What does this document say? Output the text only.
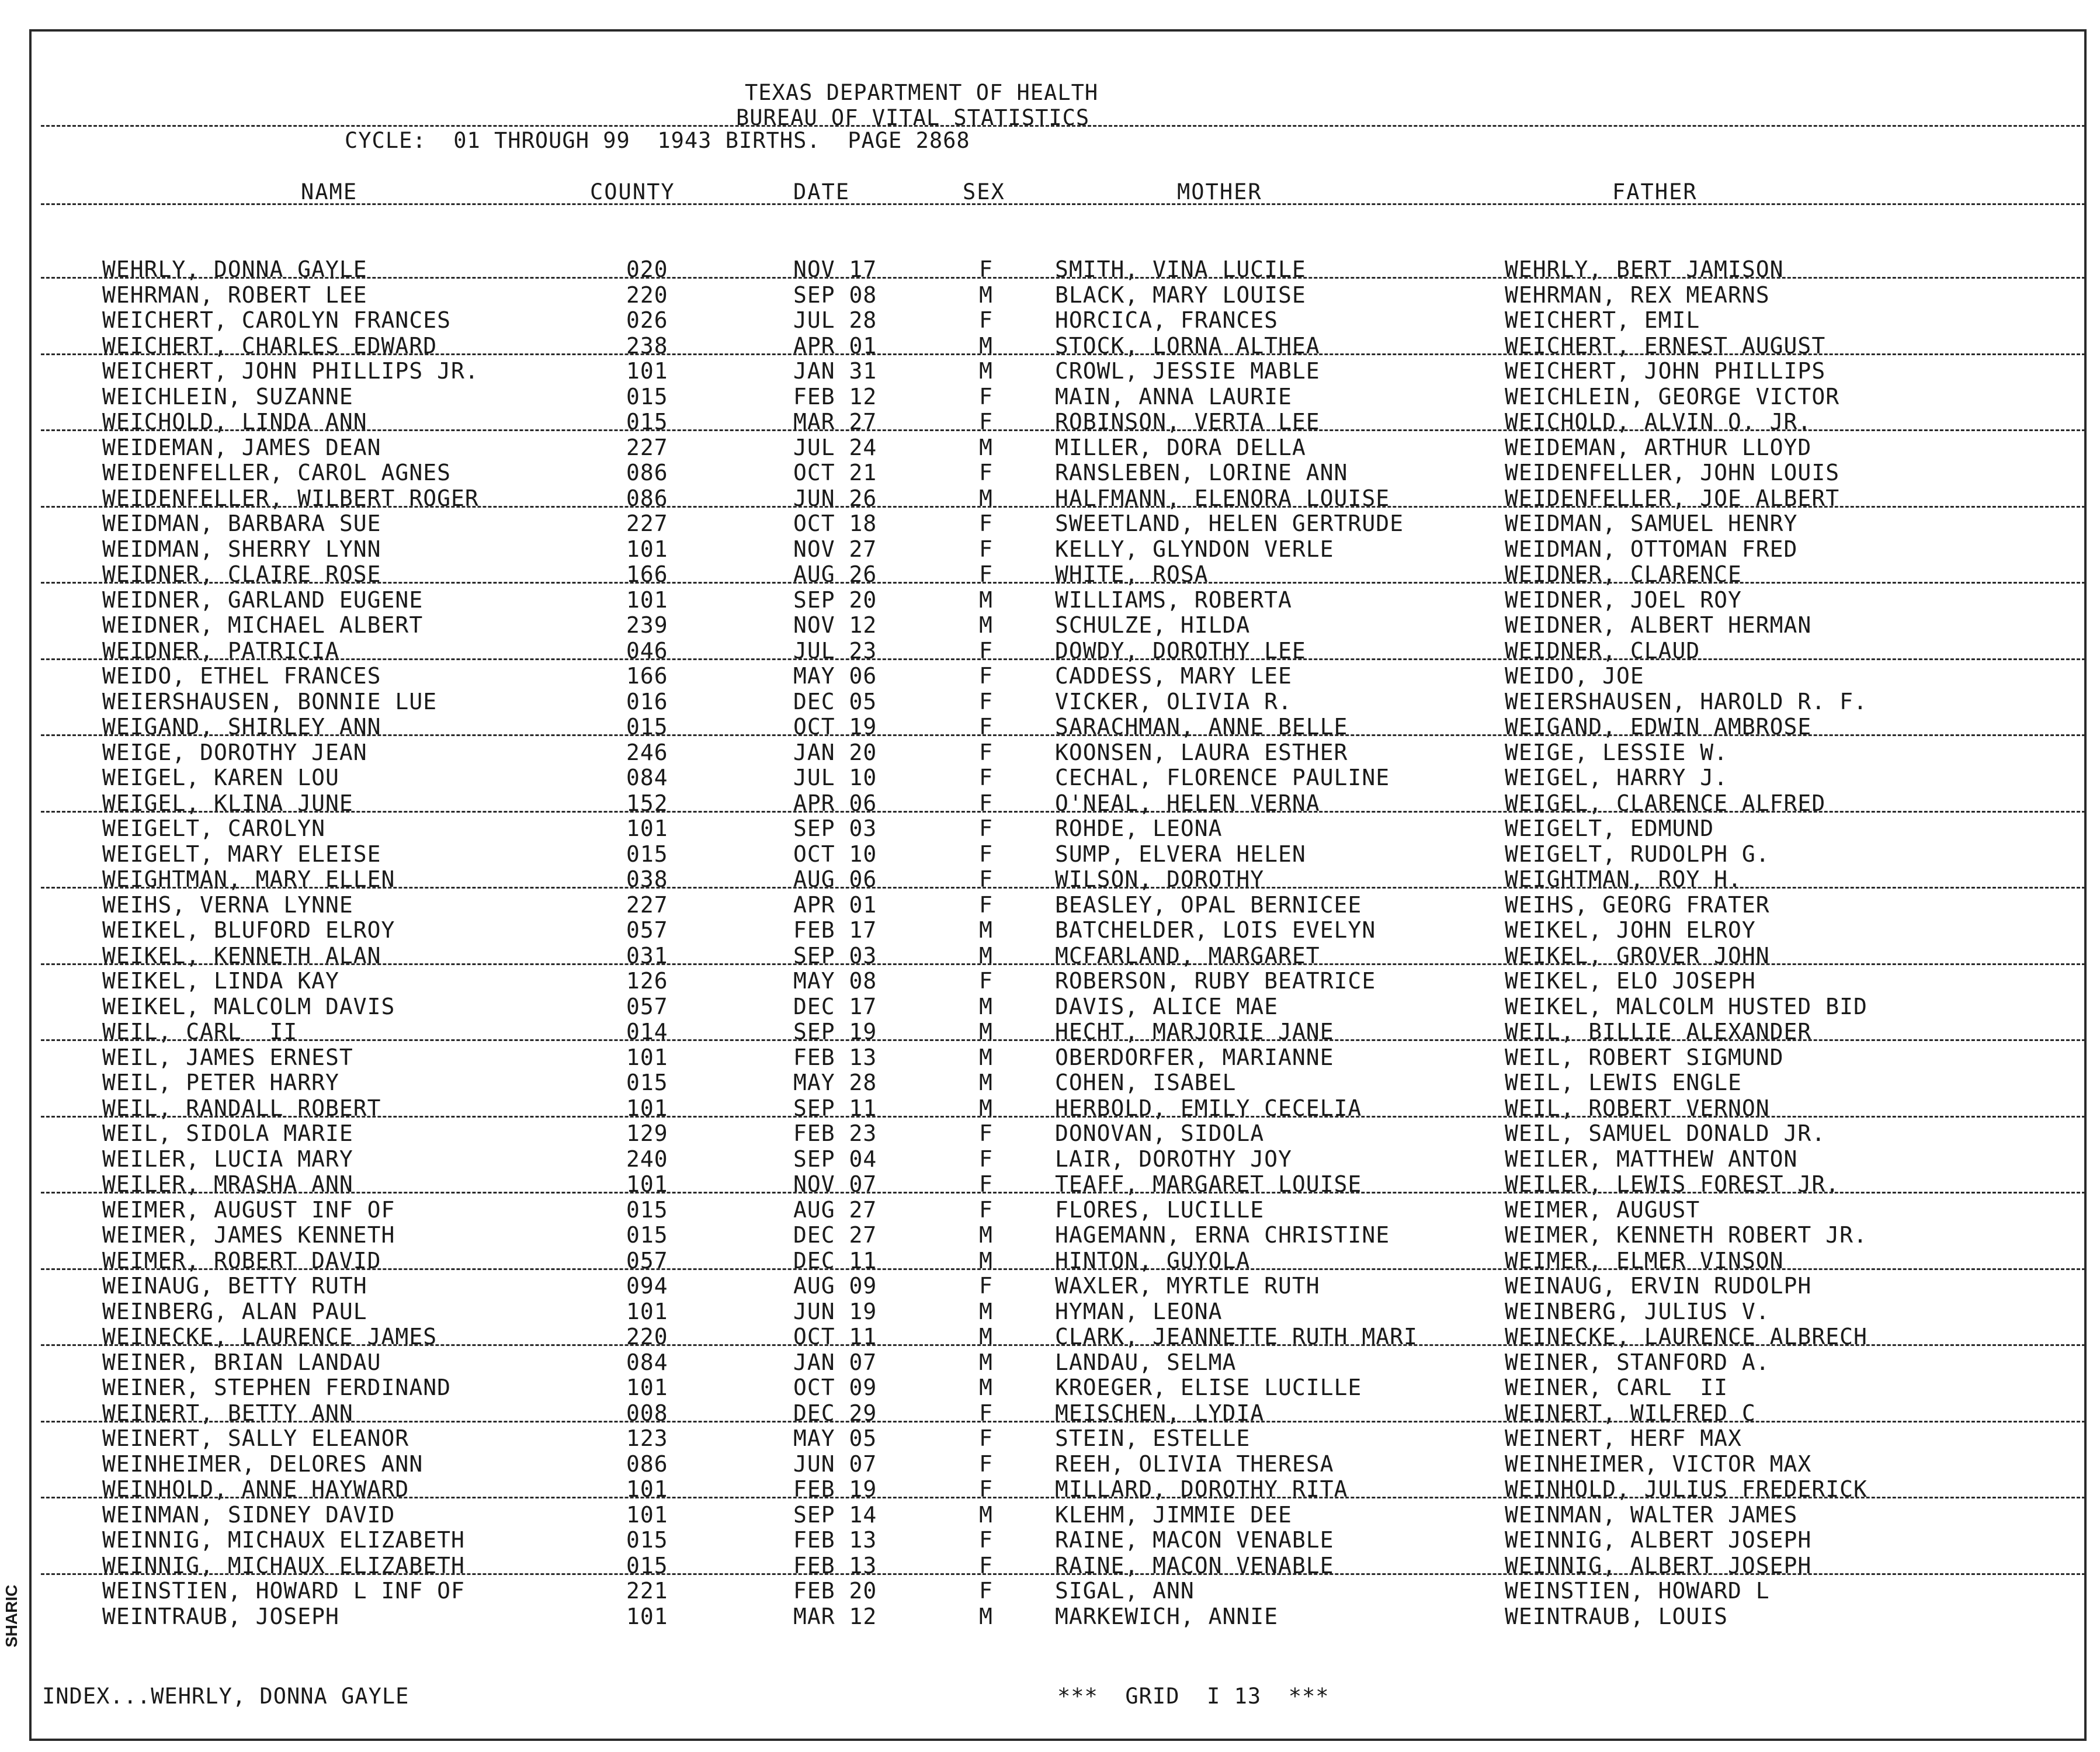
TEXAS DEPARTMENT OF HEALTH
BUREAU OF VITAL STATISTICS
CYCLE:  01 THROUGH 99  1943 BIRTHS.  PAGE 2868
NAME	COUNTY	DATE	SEX	MOTHER	FATHER
WEHRLY, DONNA GAYLE	020	NOV 17	F	SMITH, VINA LUCILE	WEHRLY, BERT JAMISON
WEHRMAN, ROBERT LEE	220	SEP 08	M	BLACK, MARY LOUISE	WEHRMAN, REX MEARNS
WEICHERT, CAROLYN FRANCES	026	JUL 28	F	HORCICA, FRANCES	WEICHERT, EMIL
WEICHERT, CHARLES EDWARD	238	APR 01	M	STOCK, LORNA ALTHEA	WEICHERT, ERNEST AUGUST
WEICHERT, JOHN PHILLIPS JR.	101	JAN 31	M	CROWL, JESSIE MABLE	WEICHERT, JOHN PHILLIPS
WEICHLEIN, SUZANNE	015	FEB 12	F	MAIN, ANNA LAURIE	WEICHLEIN, GEORGE VICTOR
WEICHOLD, LINDA ANN	015	MAR 27	F	ROBINSON, VERTA LEE	WEICHOLD, ALVIN O. JR.
WEIDEMAN, JAMES DEAN	227	JUL 24	M	MILLER, DORA DELLA	WEIDEMAN, ARTHUR LLOYD
WEIDENFELLER, CAROL AGNES	086	OCT 21	F	RANSLEBEN, LORINE ANN	WEIDENFELLER, JOHN LOUIS
WEIDENFELLER, WILBERT ROGER	086	JUN 26	M	HALFMANN, ELENORA LOUISE	WEIDENFELLER, JOE ALBERT
WEIDMAN, BARBARA SUE	227	OCT 18	F	SWEETLAND, HELEN GERTRUDE	WEIDMAN, SAMUEL HENRY
WEIDMAN, SHERRY LYNN	101	NOV 27	F	KELLY, GLYNDON VERLE	WEIDMAN, OTTOMAN FRED
WEIDNER, CLAIRE ROSE	166	AUG 26	F	WHITE, ROSA	WEIDNER, CLARENCE
WEIDNER, GARLAND EUGENE	101	SEP 20	M	WILLIAMS, ROBERTA	WEIDNER, JOEL ROY
WEIDNER, MICHAEL ALBERT	239	NOV 12	M	SCHULZE, HILDA	WEIDNER, ALBERT HERMAN
WEIDNER, PATRICIA	046	JUL 23	F	DOWDY, DOROTHY LEE	WEIDNER, CLAUD
WEIDO, ETHEL FRANCES	166	MAY 06	F	CADDESS, MARY LEE	WEIDO, JOE
WEIERSHAUSEN, BONNIE LUE	016	DEC 05	F	VICKER, OLIVIA R.	WEIERSHAUSEN, HAROLD R. F.
WEIGAND, SHIRLEY ANN	015	OCT 19	F	SARACHMAN, ANNE BELLE	WEIGAND, EDWIN AMBROSE
WEIGE, DOROTHY JEAN	246	JAN 20	F	KOONSEN, LAURA ESTHER	WEIGE, LESSIE W.
WEIGEL, KAREN LOU	084	JUL 10	F	CECHAL, FLORENCE PAULINE	WEIGEL, HARRY J.
WEIGEL, KLINA JUNE	152	APR 06	F	O'NEAL, HELEN VERNA	WEIGEL, CLARENCE ALFRED
WEIGELT, CAROLYN	101	SEP 03	F	ROHDE, LEONA	WEIGELT, EDMUND
WEIGELT, MARY ELEISE	015	OCT 10	F	SUMP, ELVERA HELEN	WEIGELT, RUDOLPH G.
WEIGHTMAN, MARY ELLEN	038	AUG 06	F	WILSON, DOROTHY	WEIGHTMAN, ROY H.
WEIHS, VERNA LYNNE	227	APR 01	F	BEASLEY, OPAL BERNICEE	WEIHS, GEORG FRATER
WEIKEL, BLUFORD ELROY	057	FEB 17	M	BATCHELDER, LOIS EVELYN	WEIKEL, JOHN ELROY
WEIKEL, KENNETH ALAN	031	SEP 03	M	MCFARLAND, MARGARET	WEIKEL, GROVER JOHN
WEIKEL, LINDA KAY	126	MAY 08	F	ROBERSON, RUBY BEATRICE	WEIKEL, ELO JOSEPH
WEIKEL, MALCOLM DAVIS	057	DEC 17	M	DAVIS, ALICE MAE	WEIKEL, MALCOLM HUSTED BID
WEIL, CARL  II	014	SEP 19	M	HECHT, MARJORIE JANE	WEIL, BILLIE ALEXANDER
WEIL, JAMES ERNEST	101	FEB 13	M	OBERDORFER, MARIANNE	WEIL, ROBERT SIGMUND
WEIL, PETER HARRY	015	MAY 28	M	COHEN, ISABEL	WEIL, LEWIS ENGLE
WEIL, RANDALL ROBERT	101	SEP 11	M	HERBOLD, EMILY CECELIA	WEIL, ROBERT VERNON
WEIL, SIDOLA MARIE	129	FEB 23	F	DONOVAN, SIDOLA	WEIL, SAMUEL DONALD JR.
WEILER, LUCIA MARY	240	SEP 04	F	LAIR, DOROTHY JOY	WEILER, MATTHEW ANTON
WEILER, MRASHA ANN	101	NOV 07	F	TEAFF, MARGARET LOUISE	WEILER, LEWIS FOREST JR.
WEIMER, AUGUST INF OF	015	AUG 27	F	FLORES, LUCILLE	WEIMER, AUGUST
WEIMER, JAMES KENNETH	015	DEC 27	M	HAGEMANN, ERNA CHRISTINE	WEIMER, KENNETH ROBERT JR.
WEIMER, ROBERT DAVID	057	DEC 11	M	HINTON, GUYOLA	WEIMER, ELMER VINSON
WEINAUG, BETTY RUTH	094	AUG 09	F	WAXLER, MYRTLE RUTH	WEINAUG, ERVIN RUDOLPH
WEINBERG, ALAN PAUL	101	JUN 19	M	HYMAN, LEONA	WEINBERG, JULIUS V.
WEINECKE, LAURENCE JAMES	220	OCT 11	M	CLARK, JEANNETTE RUTH MARI	WEINECKE, LAURENCE ALBRECH
WEINER, BRIAN LANDAU	084	JAN 07	M	LANDAU, SELMA	WEINER, STANFORD A.
WEINER, STEPHEN FERDINAND	101	OCT 09	M	KROEGER, ELISE LUCILLE	WEINER, CARL  II
WEINERT, BETTY ANN	008	DEC 29	F	MEISCHEN, LYDIA	WEINERT, WILFRED C
WEINERT, SALLY ELEANOR	123	MAY 05	F	STEIN, ESTELLE	WEINERT, HERF MAX
WEINHEIMER, DELORES ANN	086	JUN 07	F	REEH, OLIVIA THERESA	WEINHEIMER, VICTOR MAX
WEINHOLD, ANNE HAYWARD	101	FEB 19	F	MILLARD, DOROTHY RITA	WEINHOLD, JULIUS FREDERICK
WEINMAN, SIDNEY DAVID	101	SEP 14	M	KLEHM, JIMMIE DEE	WEINMAN, WALTER JAMES
WEINNIG, MICHAUX ELIZABETH	015	FEB 13	F	RAINE, MACON VENABLE	WEINNIG, ALBERT JOSEPH
WEINNIG, MICHAUX ELIZABETH	015	FEB 13	F	RAINE, MACON VENABLE	WEINNIG, ALBERT JOSEPH
WEINSTIEN, HOWARD L INF OF	221	FEB 20	F	SIGAL, ANN	WEINSTIEN, HOWARD L
WEINTRAUB, JOSEPH	101	MAR 12	M	MARKEWICH, ANNIE	WEINTRAUB, LOUIS
INDEX...WEHRLY, DONNA GAYLE	***  GRID  I 13  ***
SHARIC
